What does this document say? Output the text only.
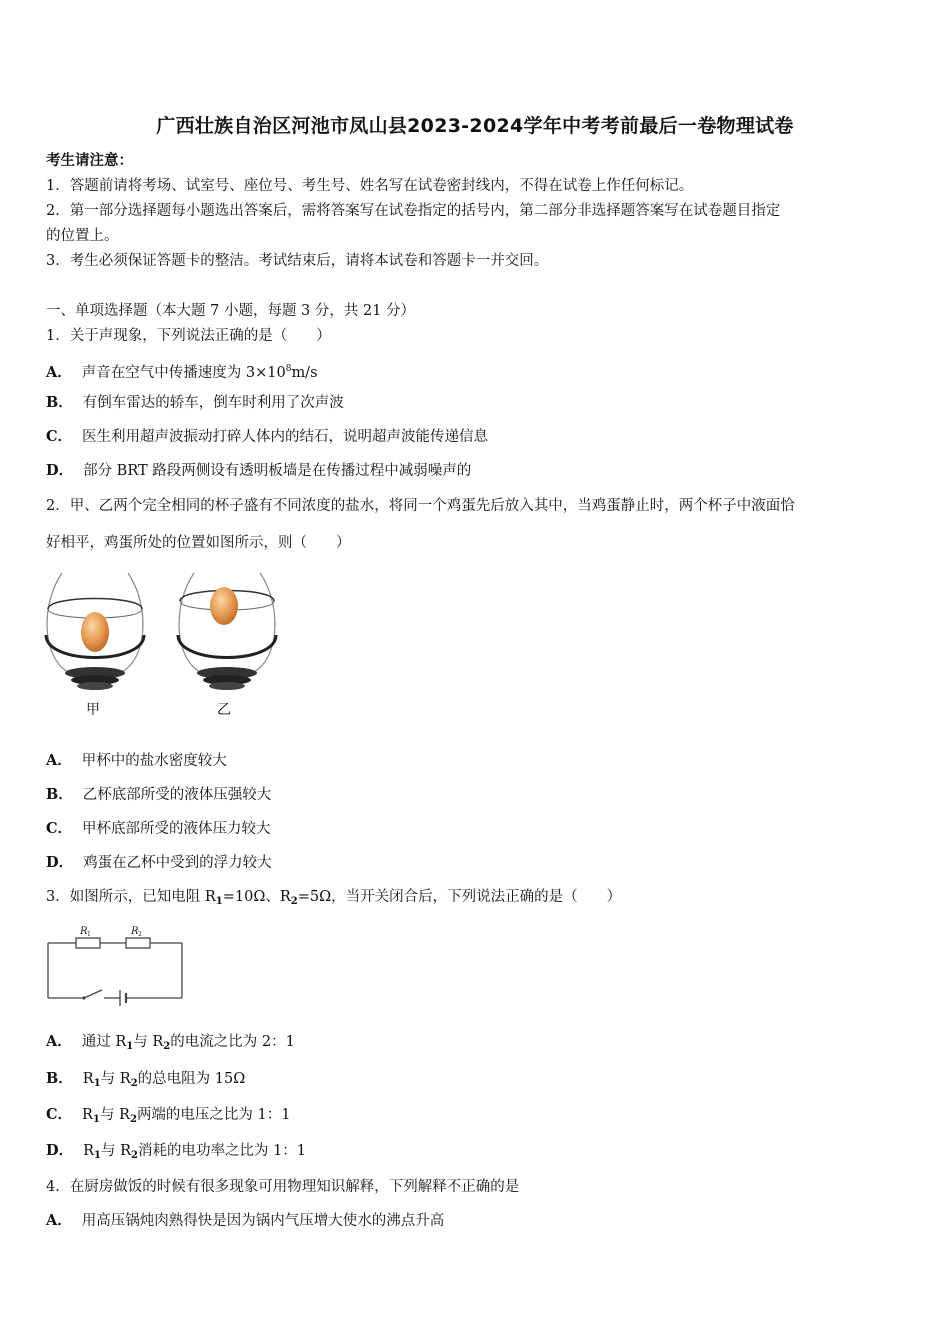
广西壮族自治区河池市凤山县2023-2024学年中考考前最后一卷物理试卷
考生请注意：
1．答题前请将考场、试室号、座位号、考生号、姓名写在试卷密封线内，不得在试卷上作任何标记。
2．第一部分选择题每小题选出答案后，需将答案写在试卷指定的括号内，第二部分非选择题答案写在试卷题目指定
的位置上。
3．考生必须保证答题卡的整洁。考试结束后，请将本试卷和答题卡一并交回。
一、单项选择题（本大题 7 小题，每题 3 分，共 21 分）
1．关于声现象，下列说法正确的是（　　）
A． 声音在空气中传播速度为 $3\times 10^8m/s$
B． 有倒车雷达的轿车，倒车时利用了次声波
C． 医生利用超声波振动打碎人体内的结石，说明超声波能传递信息
D． 部分 BRT 路段两侧设有透明板墙是在传播过程中减弱噪声的
2．甲、乙两个完全相同的杯子盛有不同浓度的盐水，将同一个鸡蛋先后放入其中，当鸡蛋静止时，两个杯子中液面恰
好相平，鸡蛋所处的位置如图所示，则（　　）
甲	乙
A． 甲杯中的盐水密度较大
B． 乙杯底部所受的液体压强较大
C． 甲杯底部所受的液体压力较大
D． 鸡蛋在乙杯中受到的浮力较大
3．如图所示，已知电阻 $R_1=10\Omega$、$R_2=5\Omega$，当开关闭合后，下列说法正确的是（　　）
R 1	R 2
A． 通过 $R_1$与 $R_2$的电流之比为 2：1
B． $R_1$与 $R_2$的总电阻为 15Ω
C． $R_1$与 $R_2$两端的电压之比为 1：1
D． $R_1$与 $R_2$消耗的电功率之比为 1：1
4．在厨房做饭的时候有很多现象可用物理知识解释，下列解释不正确的是
A． 用高压锅炖肉熟得快是因为锅内气压增大使水的沸点升高
